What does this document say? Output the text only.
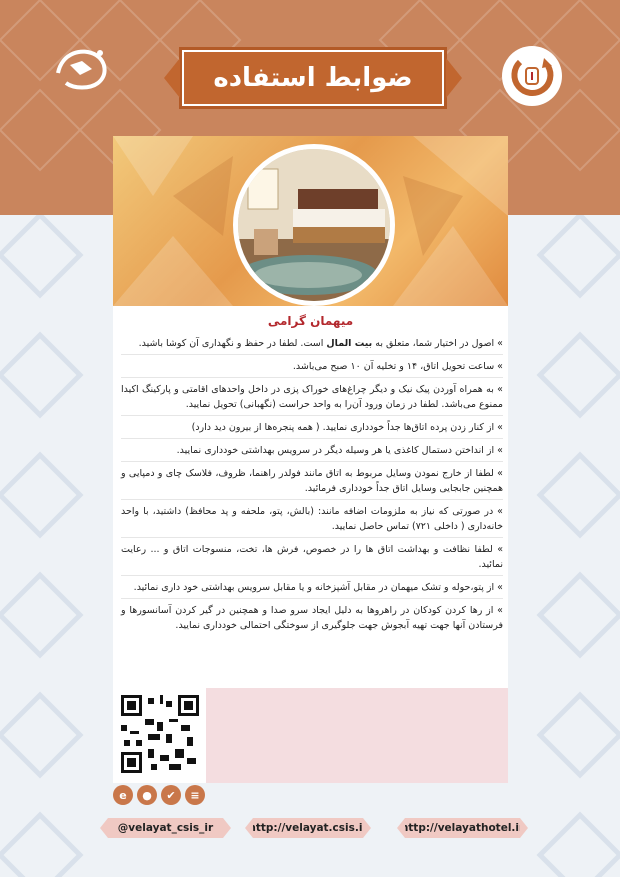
ضوابط استفاده
میهمان گرامی
» اصول در اختیار شما، متعلق به بیت المال است. لطفا در حفظ و نگهداری آن کوشا باشید.
» ساعت تحویل اتاق، ۱۴ و تخلیه آن ۱۰ صبح می‌باشد.
» به همراه آوردن پیک نیک و دیگر چراغ‌های خوراک پزی در داخل واحدهای اقامتی و پارکینگ اکیدا ممنوع می‌باشد. لطفا در زمان ورود آن‌را به واحد حراست (نگهبانی) تحویل نمایید.
» از کنار زدن پرده اتاق‌ها جداً خودداری نمایید. ( همه پنجره‌ها از بیرون دید دارد)
» از انداختن دستمال کاغذی یا هر وسیله دیگر در سرویس بهداشتی خودداری نمایید.
» لطفا از خارج نمودن وسایل مربوط به اتاق مانند فولدر راهنما، ظروف، فلاسک چای و دمپایی و همچنین جابجایی وسایل اتاق جداً خودداری فرمائید.
» در صورتی که نیاز به ملزومات اضافه مانند: (بالش، پتو، ملحفه و پد محافظ) داشتید، با واحد خانه‌داری ( داخلی ۷۲۱) تماس حاصل نمایید.
» لطفا نظافت و بهداشت اتاق ها را در خصوص، فرش ها، تخت، منسوجات اتاق و ... رعایت نمائید.
» از پتو،حوله و تشک میهمان در مقابل آشپزخانه و یا مقابل سرویس بهداشتی خود داری نمائید.
» از رها کردن کودکان در راهروها به دلیل ایجاد سرو صدا و همچنین در گیر کردن آسانسورها و فرستادن آنها جهت تهیه آبجوش جهت جلوگیری از سوختگی احتمالی خودداری نمایید.
e	●	✔	≡
@velayat_csis_ir	http://velayat.csis.ir	http://velayathotel.ir
